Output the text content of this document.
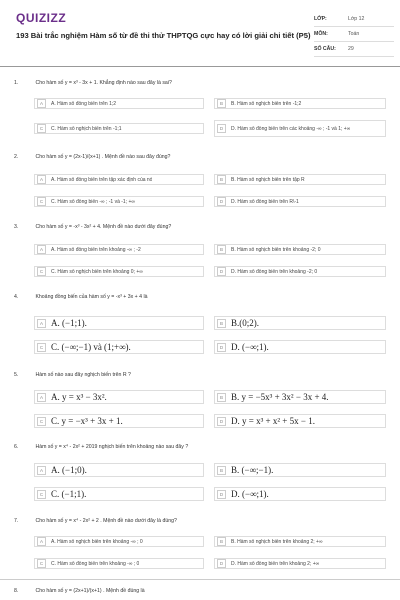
QUIZIZZ
193 Bài trắc nghiệm Hàm số từ đề thi thử THPTQG cực hay có lời giải chi tiết (P5)
LỚP:	Lớp 12
MÔN:	Toán
SỐ CÂU:	29
1.	Cho hàm số y = x³ - 3x + 1. Khẳng định nào sau đây là sai?
A	A. Hàm số đồng biến trên 1;2	B	B. Hàm số nghịch biến trên -1;2
C	C. Hàm số nghịch biến trên -1;1	D	D. Hàm số đồng biến trên các khoảng -∞ ; -1 và 1; +∞
2.	Cho hàm số y = (2x-1)/(x+1) . Mệnh đề nào sau đây đúng?
A	A. Hàm số đồng biến trên tập xác định của nó	B	B. Hàm số nghịch biến trên tập R
C	C. Hàm số đồng biến -∞ ; -1 và -1; +∞	D	D. Hàm số đồng biến trên R\-1
3.	Cho hàm số y = -x³ - 3x² + 4. Mệnh đề nào dưới đây đúng?
A	A. Hàm số đồng biến trên khoảng -∞ ; -2	B	B. Hàm số nghịch biến trên khoảng -2; 0
C	C. Hàm số nghịch biến trên khoảng 0; +∞	D	D. Hàm số đồng biến trên khoảng -2; 0
4.	Khoảng đồng biến của hàm số y = -x³ + 3x + 4 là
A A. (−1;1).	B B.(0;2).
C C. (−∞;−1) và (1;+∞).	D D. (−∞;1).
5.	Hàm số nào sau đây nghịch biến trên R ?
A A. y = x³ − 3x².	B B. y = −5x³ + 3x² − 3x + 4.
C C. y = −x³ + 3x + 1.	D D. y = x³ + x² + 5x − 1.
6.	Hàm số y = x⁴ - 2x² + 2019 nghịch biến trên khoảng nào sau đây ?
A A. (−1;0).	B B. (−∞;−1).
C C. (−1;1).	D D. (−∞;1).
7.	Cho hàm số y = x⁴ - 2x² + 2 . Mệnh đề nào dưới đây là đúng?
A	A. Hàm số nghịch biến trên khoảng -∞ ; 0	B	B. Hàm số nghịch biến trên khoảng 2; +∞
C	C. Hàm số đồng biến trên khoảng -∞ ; 0	D	D. Hàm số đồng biến trên khoảng 2; +∞
8.	Cho hàm số y = (2x+1)/(x+1) . Mệnh đề đúng là
